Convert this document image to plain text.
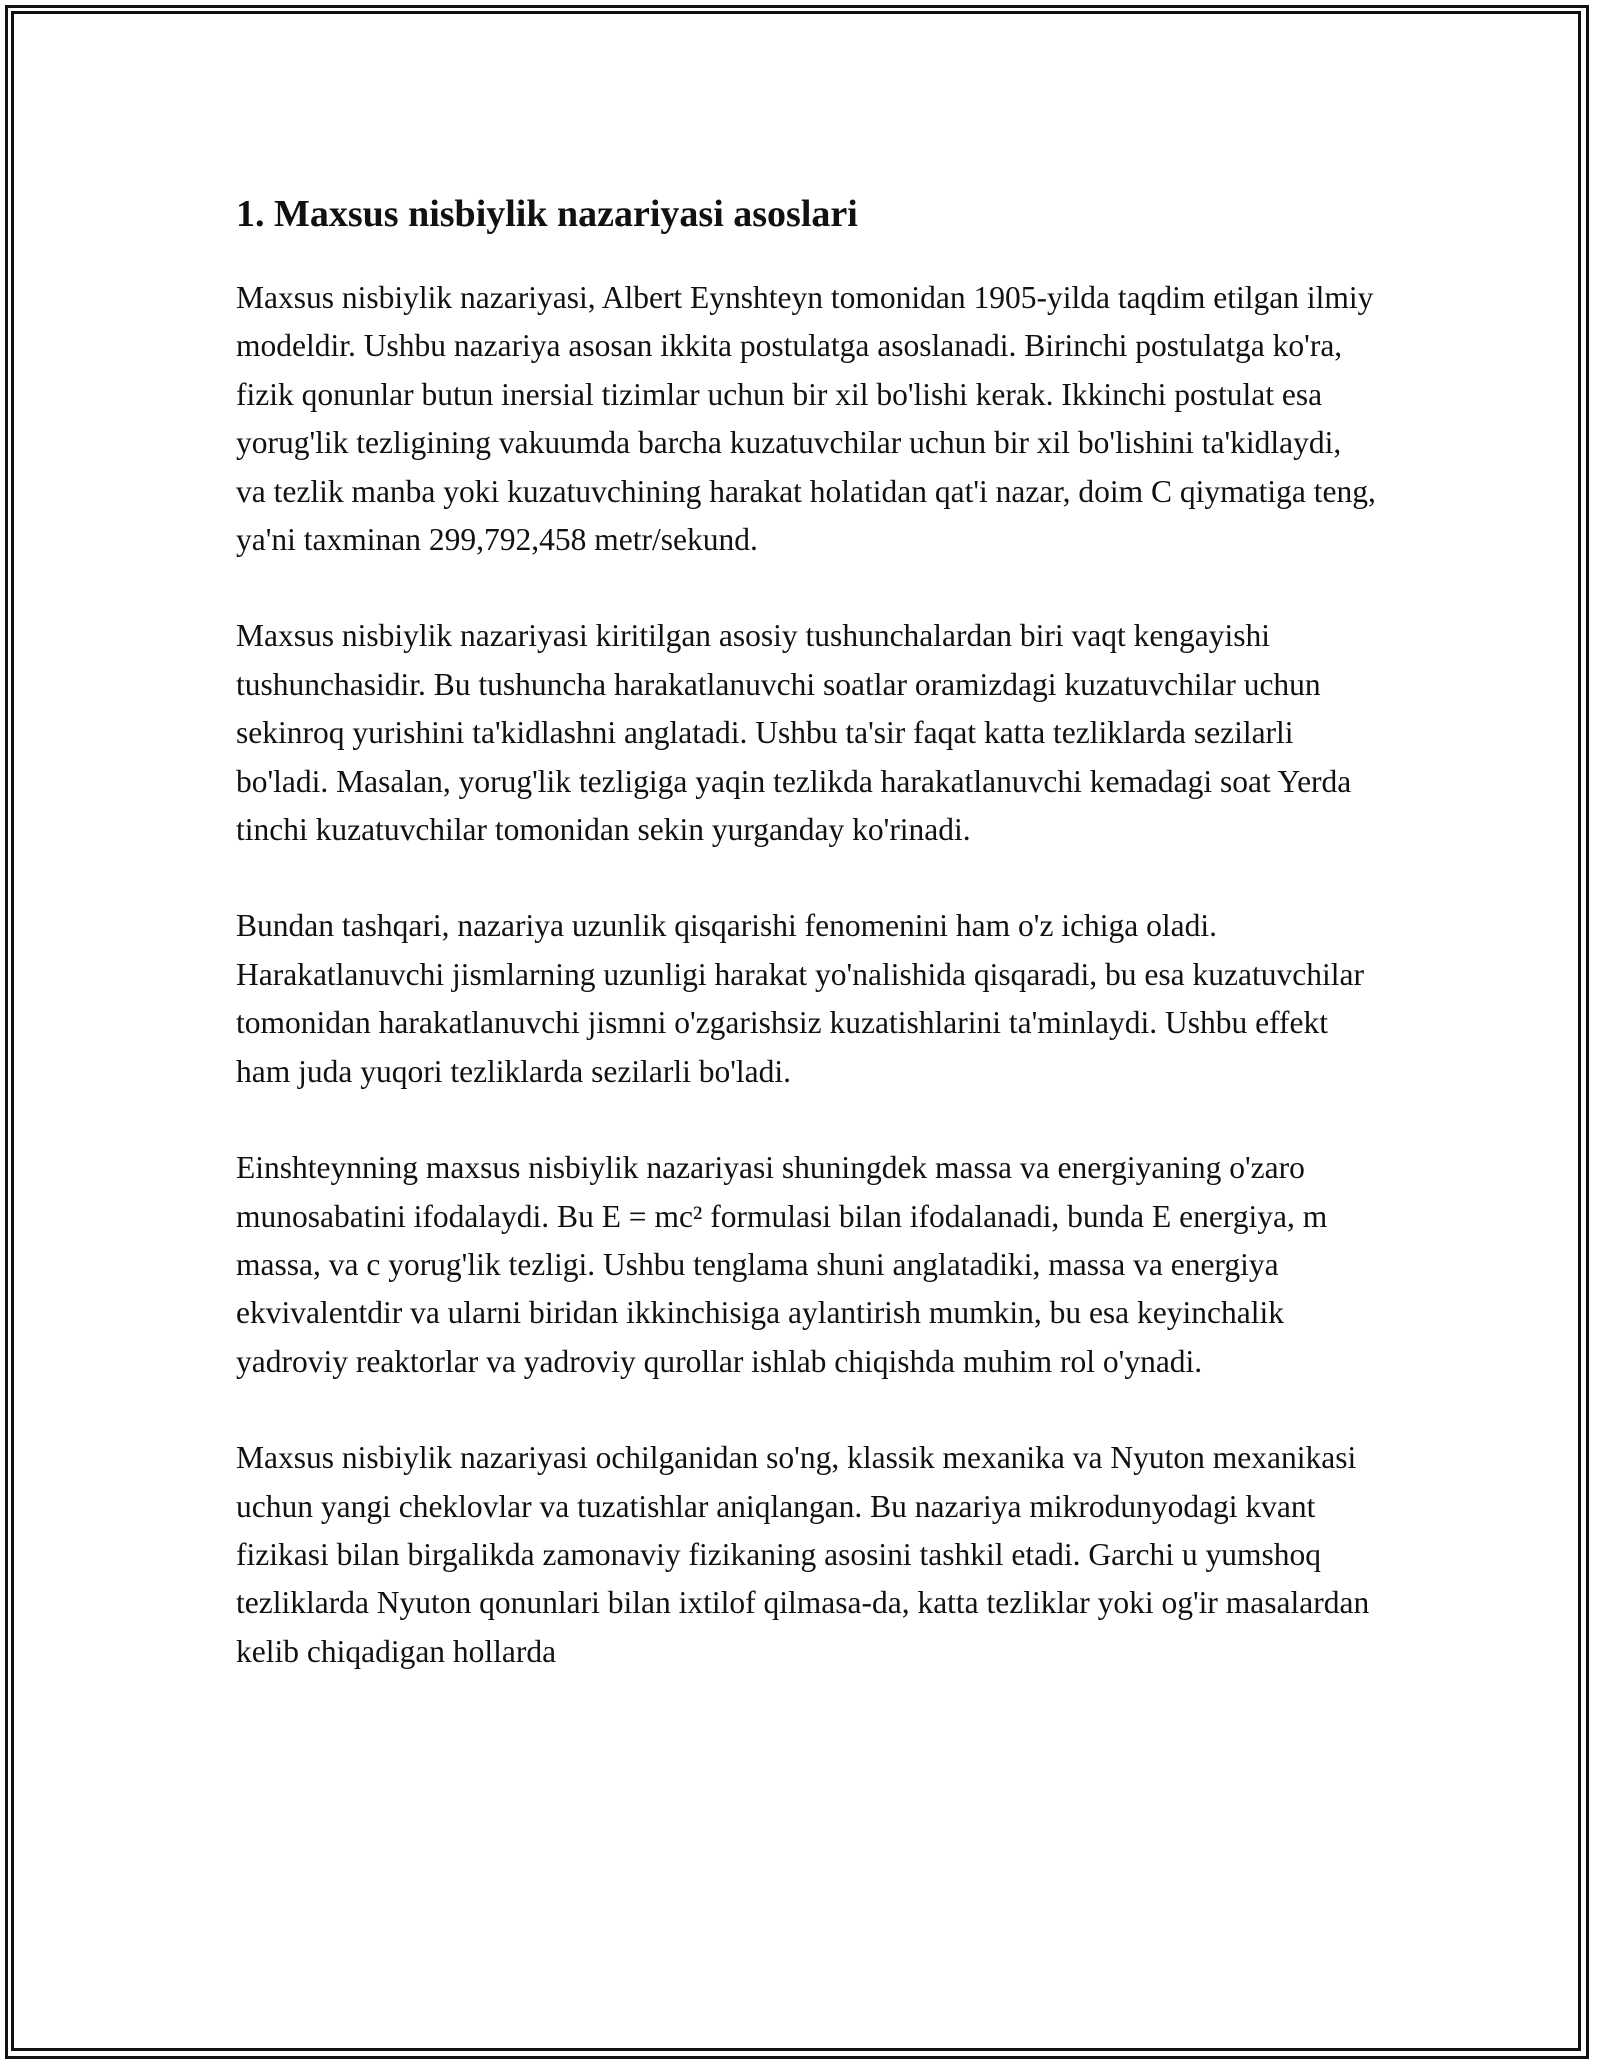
1. Maxsus nisbiylik nazariyasi asoslari

Maxsus nisbiylik nazariyasi, Albert Eynshteyn tomonidan 1905-yilda taqdim etilgan ilmiy modeldir. Ushbu nazariya asosan ikkita postulatga asoslanadi. Birinchi postulatga ko'ra, fizik qonunlar butun inersial tizimlar uchun bir xil bo'lishi kerak. Ikkinchi postulat esa yorug'lik tezligining vakuumda barcha kuzatuvchilar uchun bir xil bo'lishini ta'kidlaydi, va tezlik manba yoki kuzatuvchining harakat holatidan qat'i nazar, doim C qiymatiga teng, ya'ni taxminan 299,792,458 metr/sekund.

Maxsus nisbiylik nazariyasi kiritilgan asosiy tushunchalardan biri vaqt kengayishi tushunchasidir. Bu tushuncha harakatlanuvchi soatlar oramizdagi kuzatuvchilar uchun sekinroq yurishini ta'kidlashni anglatadi. Ushbu ta'sir faqat katta tezliklarda sezilarli bo'ladi. Masalan, yorug'lik tezligiga yaqin tezlikda harakatlanuvchi kemadagi soat Yerda tinchi kuzatuvchilar tomonidan sekin yurganday ko'rinadi.

Bundan tashqari, nazariya uzunlik qisqarishi fenomenini ham o'z ichiga oladi. Harakatlanuvchi jismlarning uzunligi harakat yo'nalishida qisqaradi, bu esa kuzatuvchilar tomonidan harakatlanuvchi jismni o'zgarishsiz kuzatishlarini ta'minlaydi. Ushbu effekt ham juda yuqori tezliklarda sezilarli bo'ladi.

Einshteynning maxsus nisbiylik nazariyasi shuningdek massa va energiyaning o'zaro munosabatini ifodalaydi. Bu E = mc² formulasi bilan ifodalanadi, bunda E energiya, m massa, va c yorug'lik tezligi. Ushbu tenglama shuni anglatadiki, massa va energiya ekvivalentdir va ularni biridan ikkinchisiga aylantirish mumkin, bu esa keyinchalik yadroviy reaktorlar va yadroviy qurollar ishlab chiqishda muhim rol o'ynadi.

Maxsus nisbiylik nazariyasi ochilganidan so'ng, klassik mexanika va Nyuton mexanikasi uchun yangi cheklovlar va tuzatishlar aniqlangan. Bu nazariya mikrodunyodagi kvant fizikasi bilan birgalikda zamonaviy fizikaning asosini tashkil etadi. Garchi u yumshoq tezliklarda Nyuton qonunlari bilan ixtilof qilmasa-da, katta tezliklar yoki og'ir masalardan kelib chiqadigan hollarda
